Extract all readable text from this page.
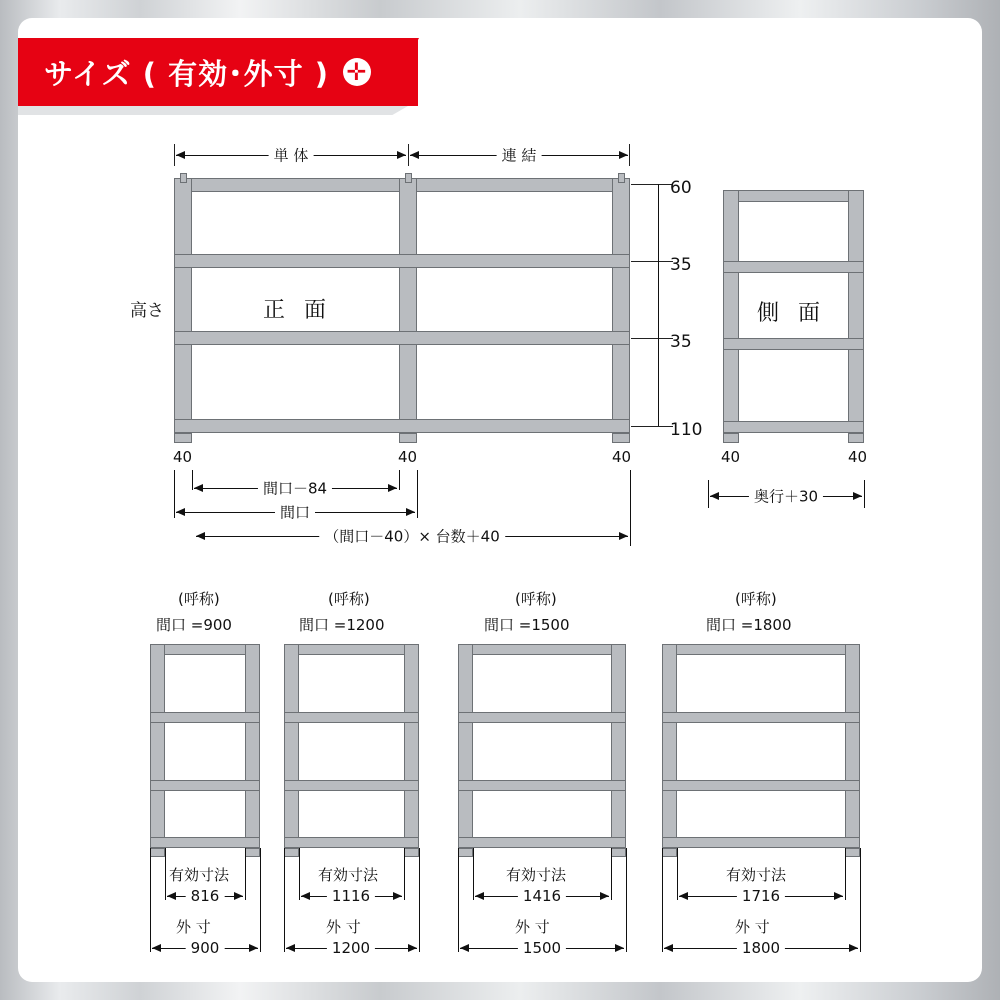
サイズ ( 有効･外寸 ) ✛
単 体	連 結
正 面
高さ
60
35
35
110
40	40	40
間口－84
間口
（間口－40）× 台数＋40
側 面
40	40
奥行＋30
(呼称)
間口 =900
有効寸法
816
外 寸
900
(呼称)
間口 =1200
有効寸法
1116
外 寸
1200
(呼称)
間口 =1500
有効寸法
1416
外 寸
1500
(呼称)
間口 =1800
有効寸法
1716
外 寸
1800
